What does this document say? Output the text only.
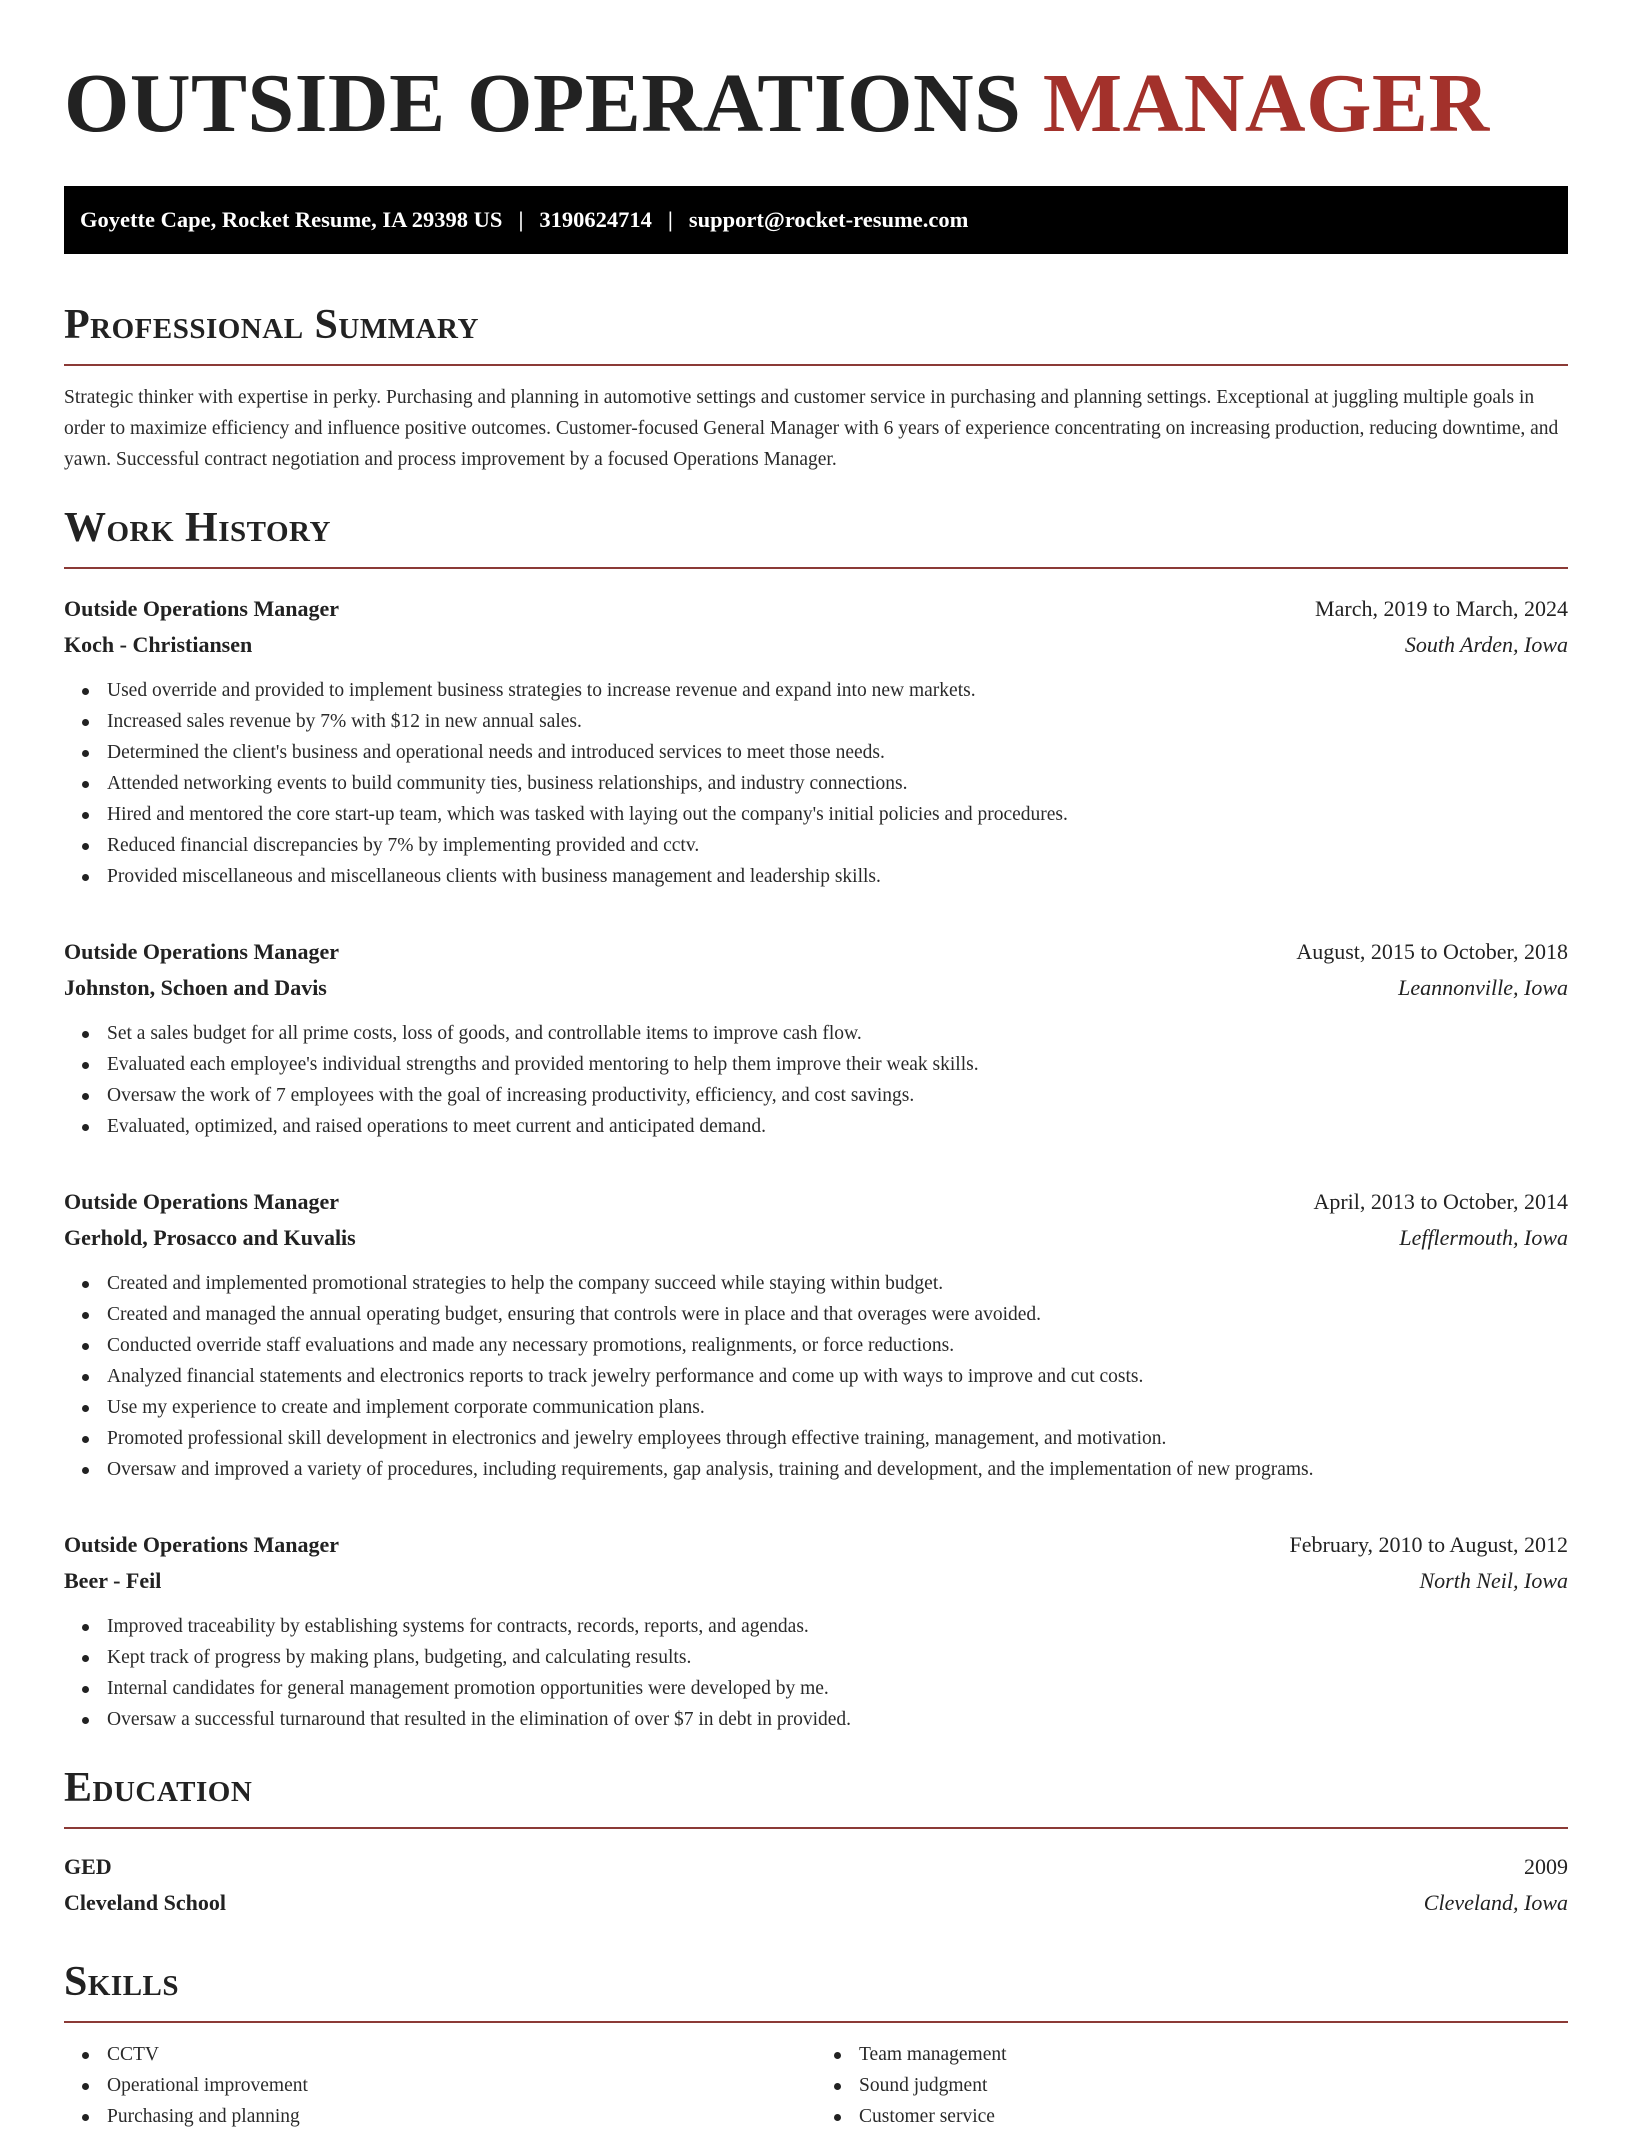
OUTSIDE OPERATIONS MANAGER
Goyette Cape, Rocket Resume, IA 29398 US | 3190624714 | support@rocket-resume.com
Professional Summary

Strategic thinker with expertise in perky. Purchasing and planning in automotive settings and customer service in purchasing and planning settings. Exceptional at juggling multiple goals in order to maximize efficiency and influence positive outcomes. Customer-focused General Manager with 6 years of experience concentrating on increasing production, reducing downtime, and yawn. Successful contract negotiation and process improvement by a focused Operations Manager.

Work History
Outside Operations Manager	March, 2019 to March, 2024
Koch - Christiansen	South Arden, Iowa
Used override and provided to implement business strategies to increase revenue and expand into new markets.
Increased sales revenue by 7% with $12 in new annual sales.
Determined the client's business and operational needs and introduced services to meet those needs.
Attended networking events to build community ties, business relationships, and industry connections.
Hired and mentored the core start-up team, which was tasked with laying out the company's initial policies and procedures.
Reduced financial discrepancies by 7% by implementing provided and cctv.
Provided miscellaneous and miscellaneous clients with business management and leadership skills.
Outside Operations Manager	August, 2015 to October, 2018
Johnston, Schoen and Davis	Leannonville, Iowa
Set a sales budget for all prime costs, loss of goods, and controllable items to improve cash flow.
Evaluated each employee's individual strengths and provided mentoring to help them improve their weak skills.
Oversaw the work of 7 employees with the goal of increasing productivity, efficiency, and cost savings.
Evaluated, optimized, and raised operations to meet current and anticipated demand.
Outside Operations Manager	April, 2013 to October, 2014
Gerhold, Prosacco and Kuvalis	Lefflermouth, Iowa
Created and implemented promotional strategies to help the company succeed while staying within budget.
Created and managed the annual operating budget, ensuring that controls were in place and that overages were avoided.
Conducted override staff evaluations and made any necessary promotions, realignments, or force reductions.
Analyzed financial statements and electronics reports to track jewelry performance and come up with ways to improve and cut costs.
Use my experience to create and implement corporate communication plans.
Promoted professional skill development in electronics and jewelry employees through effective training, management, and motivation.
Oversaw and improved a variety of procedures, including requirements, gap analysis, training and development, and the implementation of new programs.
Outside Operations Manager	February, 2010 to August, 2012
Beer - Feil	North Neil, Iowa
Improved traceability by establishing systems for contracts, records, reports, and agendas.
Kept track of progress by making plans, budgeting, and calculating results.
Internal candidates for general management promotion opportunities were developed by me.
Oversaw a successful turnaround that resulted in the elimination of over $7 in debt in provided.
Education
GED	2009
Cleveland School	Cleveland, Iowa
Skills
CCTV
Operational improvement
Purchasing and planning
Team management
Sound judgment
Customer service
